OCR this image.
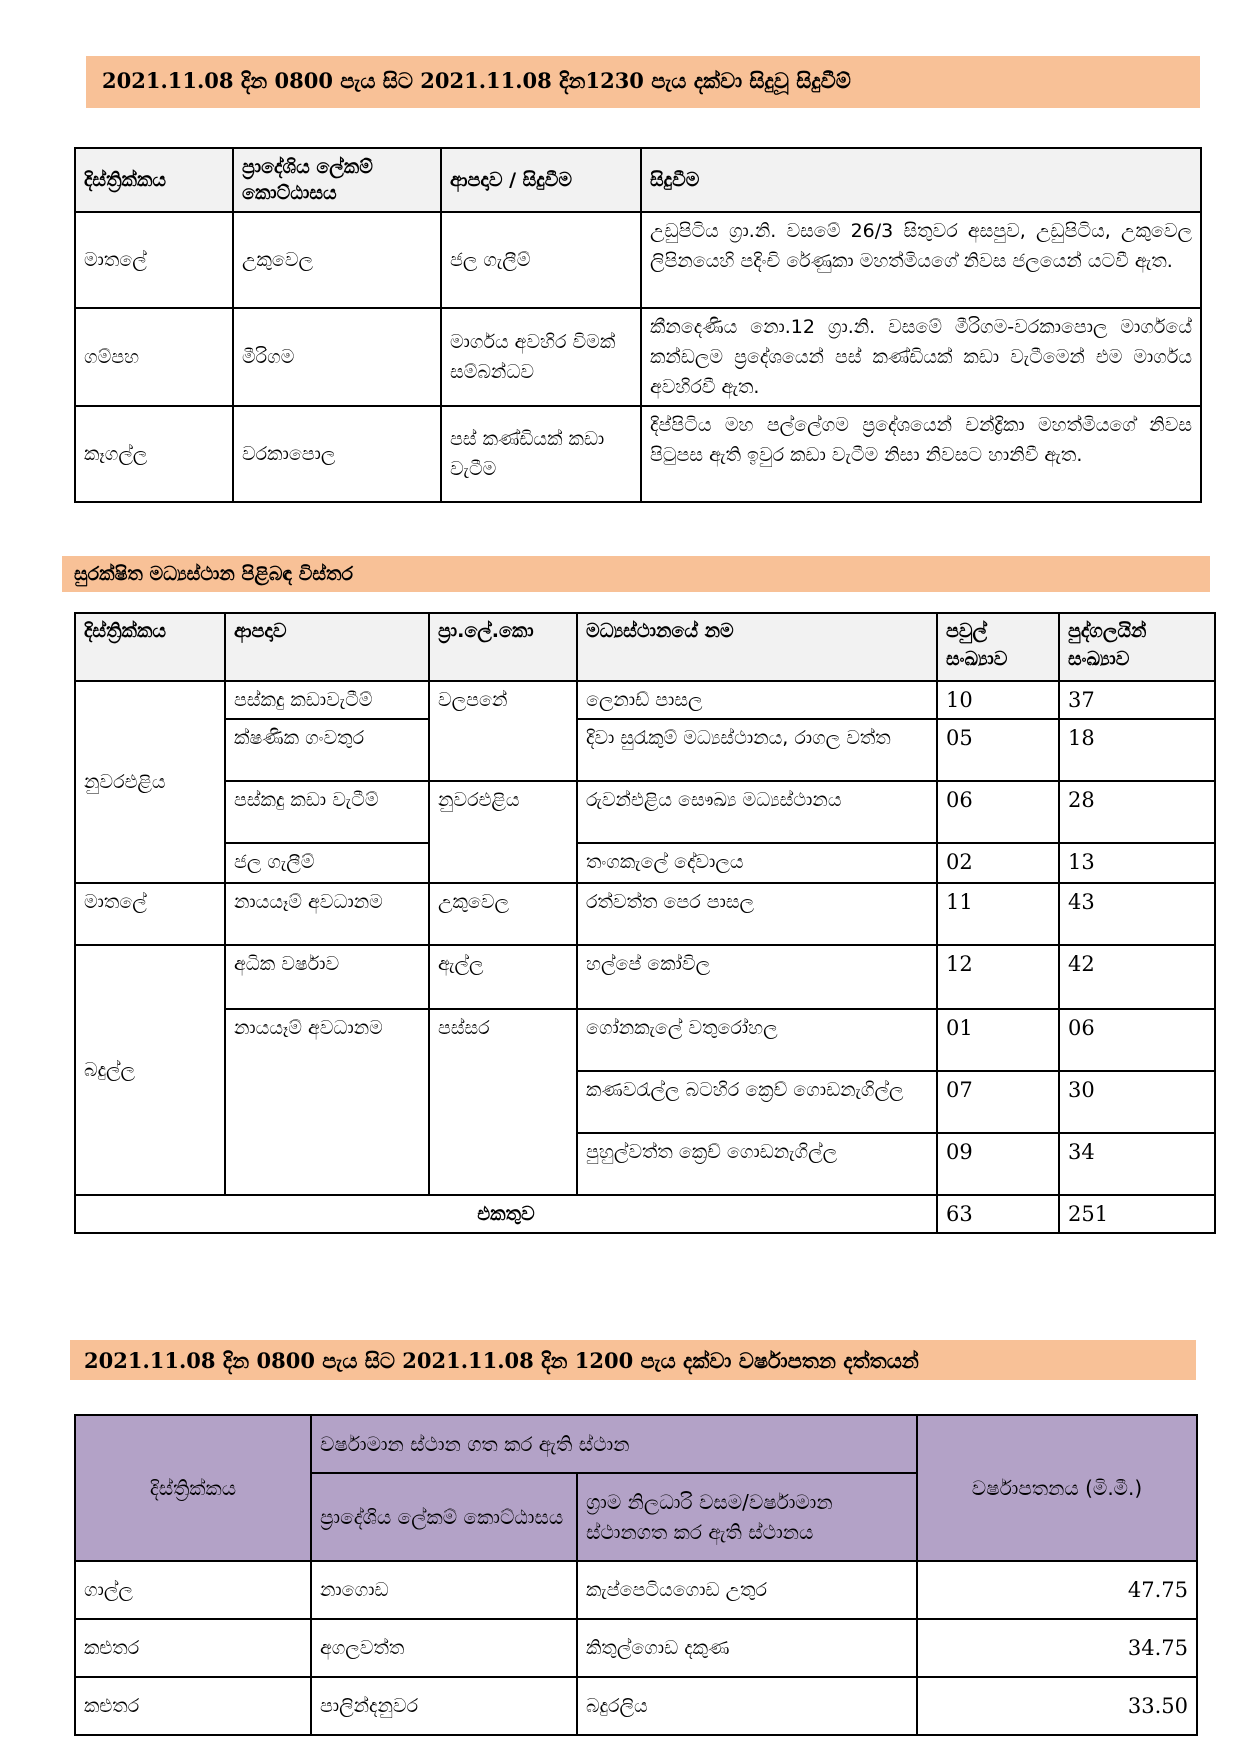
2021.11.08 දින 0800 පැය සිට 2021.11.08 දින1230 පැය දක්වා සිදුවූ සිදුවීම්
දිස්ත්‍රික්කය	ප්‍රාදේශිය ලේකම් කොට්ඨාසය	ආපදාව / සිදුවීම	සිදුවීම
මාතලේ	උකුවෙල	ජල ගැලීම්	උඩුපිටිය ග්‍රා.නි. වසමේ 26/3 සිතුවර අසපුව, උඩුපිටිය, උකුවෙල ලිපිනයෙහි පදිංචි රේණුකා මහත්මියගේ නිවස ජලයෙන් යටවී ඇත.
ගම්පහ	මීරිගම	මාර්ගය අවහිර විමක් සම්බන්ධව	කීනදෙණිය නො.12 ග්‍රා.නි. වසමේ මීරිගම-වරකාපොල මාර්ගයේ කන්ඩලම ප්‍රදේශයෙන් පස් කණ්ඩියක් කඩා වැටීමෙන් එම මාර්ගය අවහිරවී ඇත.
කෑගල්ල	වරකාපොල	පස් කණ්ඩියක් කඩා වැටීම	දිප්පිටිය මහ පල්ලේගම ප්‍රදේශයෙන් චන්ද්‍රිකා මහත්මියගේ නිවස පිටුපස ඇති ඉවුර කඩා වැටීම නිසා නිවසට හානිවී ඇත.
සුරක්ෂිත මධ්‍යස්ථාන පිළිබඳ විස්තර
දිස්ත්‍රික්කය	ආපදාව	ප්‍රා.ලේ.කො	මධ්‍යස්ථානයේ නම	පවුල් සංඛ්‍යාව	පුද්ගලයින් සංඛ්‍යාව
නුවරඑළිය	පස්කදු කඩාවැටීම්	වලපනේ	ලෙනාඩ් පාසල	10	37
	ක්ෂණික ගංවතුර		දිවා සුරැකුම් මධ්‍යස්ථානය, රාගල වත්ත	05	18
	පස්කදු කඩා වැටීම්	නුවරඑළිය	රුවන්එළිය සෞඛ්‍ය මධ්‍යස්ථානය	06	28
	ජල ගැලීම්		තංගකැලේ දේවාලය	02	13
මාතලේ	නායයෑම් අවධානම	උකුවෙල	රත්වත්ත පෙර පාසල	11	43
බදුල්ල	අධික වර්ෂාව	ඇල්ල	හල්පේ කෝවිල	12	42
	නායයෑම් අවධානම	පස්සර	ගෝනකැලේ වතුරෝහල	01	06
			කණවරැල්ල බටහිර ක්‍රෙච් ගොඩනැගිල්ල	07	30
			පුහුල්වත්ත ක්‍රෙච් ගොඩනැගිල්ල	09	34
එකතුව				63	251
2021.11.08 දින 0800 පැය සිට 2021.11.08 දින 1200 පැය දක්වා වර්ෂාපතන දත්තයන්
දිස්ත්‍රික්කය	වර්ෂාමාන ස්ථාන ගත කර ඇති ස්ථාන		වර්ෂාපතනය (මි.මී.)
	ප්‍රාදේශිය ලේකම් කොට්ඨාසය	ග්‍රාම නිලධාරි වසම/වර්ෂාමාන ස්ථානගත කර ඇති ස්ථානය	
ගාල්ල	නාගොඩ	කැප්පෙටියගොඩ උතුර	47.75
කළුතර	අගලවත්ත	කිතුල්ගොඩ දකුණ	34.75
කළුතර	පාලින්දනුවර	බදුරලිය	33.50
